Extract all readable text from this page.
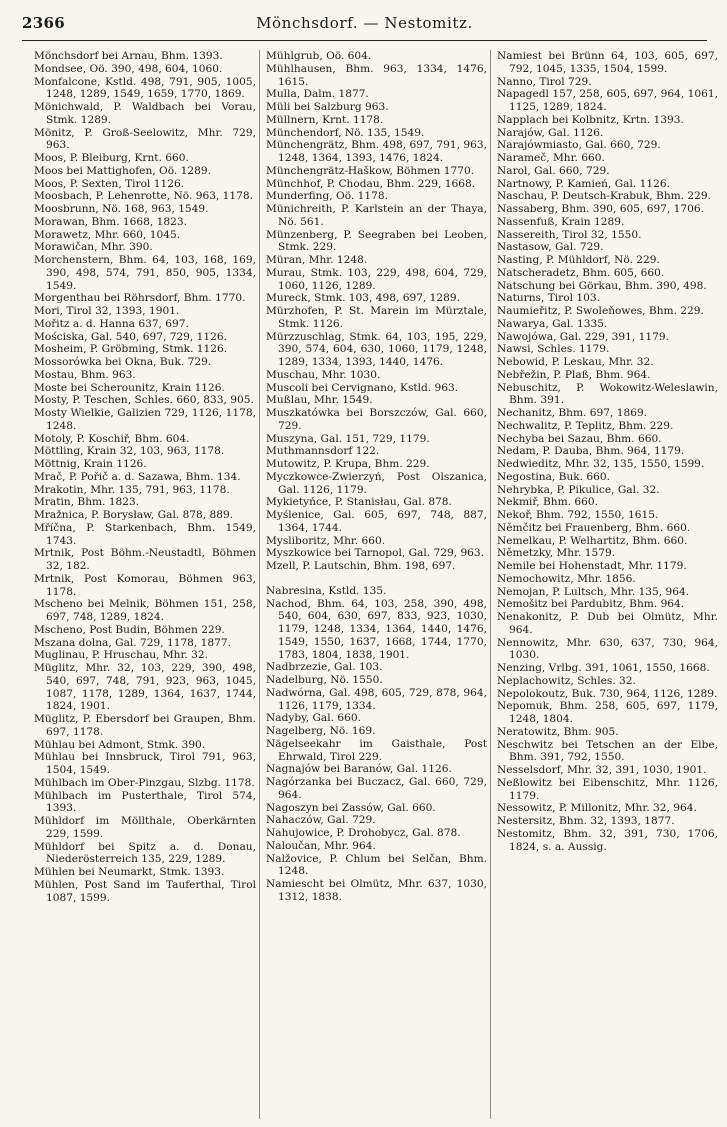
2366	Mönchsdorf. — Nestomitz.
Mönchsdorf bei Arnau, Bhm. 1393.
Mondsee, Oö. 390, 498, 604, 1060.
Monfalcone, Kstld. 498, 791, 905, 1005, 1248, 1289, 1549, 1659, 1770, 1869.
Mönichwald, P. Waldbach bei Vorau, Stmk. 1289.
Mönitz, P. Groß-Seelowitz, Mhr. 729, 963.
Moos, P. Bleiburg, Krnt. 660.
Moos bei Mattighofen, Oö. 1289.
Moos, P. Sexten, Tirol 1126.
Moosbach, P. Lehenrotte, Nö. 963, 1178.
Moosbrunn, Nö. 168, 963, 1549.
Morawan, Bhm. 1668, 1823.
Morawetz, Mhr. 660, 1045.
Morawičan, Mhr. 390.
Morchenstern, Bhm. 64, 103, 168, 169, 390, 498, 574, 791, 850, 905, 1334, 1549.
Morgenthau bei Röhrsdorf, Bhm. 1770.
Mori, Tirol 32, 1393, 1901.
Mořitz a. d. Hanna 637, 697.
Mościska, Gal. 540, 697, 729, 1126.
Mosheim, P. Gröbming, Stmk. 1126.
Mossorówka bei Okna, Buk. 729.
Mostau, Bhm. 963.
Moste bei Scherounitz, Krain 1126.
Mosty, P. Teschen, Schles. 660, 833, 905.
Mosty Wielkie, Galizien 729, 1126, 1178, 1248.
Motoly, P. Koschiř, Bhm. 604.
Möttling, Krain 32, 103, 963, 1178.
Möttnig, Krain 1126.
Mrač, P. Pořič a. d. Sazawa, Bhm. 134.
Mrakotin, Mhr. 135, 791, 963, 1178.
Mratin, Bhm. 1823.
Mražnica, P. Borysław, Gal. 878, 889.
Mříčna, P. Starkenbach, Bhm. 1549, 1743.
Mrtnik, Post Böhm.-Neustadtl, Böhmen 32, 182.
Mrtnik, Post Komorau, Böhmen 963, 1178.
Mscheno bei Melnik, Böhmen 151, 258, 697, 748, 1289, 1824.
Mscheno, Post Budin, Böhmen 229.
Mszana dolna, Gal. 729, 1178, 1877.
Muglinau, P. Hruschau, Mhr. 32.
Müglitz, Mhr. 32, 103, 229, 390, 498, 540, 697, 748, 791, 923, 963, 1045, 1087, 1178, 1289, 1364, 1637, 1744, 1824, 1901.
Müglitz, P. Ebersdorf bei Graupen, Bhm. 697, 1178.
Mühlau bei Admont, Stmk. 390.
Mühlau bei Innsbruck, Tirol 791, 963, 1504, 1549.
Mühlbach im Ober-Pinzgau, Slzbg. 1178.
Mühlbach im Pusterthale, Tirol 574, 1393.
Mühldorf im Möllthale, Oberkärnten 229, 1599.
Mühldorf bei Spitz a. d. Donau, Niederösterreich 135, 229, 1289.
Mühlen bei Neumarkt, Stmk. 1393.
Mühlen, Post Sand im Tauferthal, Tirol 1087, 1599.
Mühlgrub, Oö. 604.
Mühlhausen, Bhm. 963, 1334, 1476, 1615.
Mulla, Dalm. 1877.
Müli bei Salzburg 963.
Müllnern, Krnt. 1178.
Münchendorf, Nö. 135, 1549.
Münchengrätz, Bhm. 498, 697, 791, 963, 1248, 1364, 1393, 1476, 1824.
Münchengrätz-Haškow, Böhmen 1770.
Münchhof, P. Chodau, Bhm. 229, 1668.
Munderfing, Oö. 1178.
Münichreith, P. Karlstein an der Thaya, Nö. 561.
Münzenberg, P. Seegraben bei Leoben, Stmk. 229.
Müran, Mhr. 1248.
Murau, Stmk. 103, 229, 498, 604, 729, 1060, 1126, 1289.
Mureck, Stmk. 103, 498, 697, 1289.
Mürzhofen, P. St. Marein im Mürztale, Stmk. 1126.
Mürzzuschlag, Stmk. 64, 103, 195, 229, 390, 574, 604, 630, 1060, 1179, 1248, 1289, 1334, 1393, 1440, 1476.
Muschau, Mhr. 1030.
Muscoli bei Cervignano, Kstld. 963.
Mußlau, Mhr. 1549.
Muszkatówka bei Borszczów, Gal. 660, 729.
Muszyna, Gal. 151, 729, 1179.
Muthmannsdorf 122.
Mutowitz, P. Krupa, Bhm. 229.
Myczkowce-Zwierzyń, Post Olszanica, Gal. 1126, 1179.
Mykietyńce, P. Stanisłau, Gal. 878.
Myślenice, Gal. 605, 697, 748, 887, 1364, 1744.
Mysliboritz, Mhr. 660.
Myszkowice bei Tarnopol, Gal. 729, 963.
Mzell, P. Lautschin, Bhm. 198, 697.
Nabresina, Kstld. 135.
Nachod, Bhm. 64, 103, 258, 390, 498, 540, 604, 630, 697, 833, 923, 1030, 1179, 1248, 1334, 1364, 1440, 1476, 1549, 1550, 1637, 1668, 1744, 1770, 1783, 1804, 1838, 1901.
Nadbrzezie, Gal. 103.
Nadelburg, Nö. 1550.
Nadwórna, Gal. 498, 605, 729, 878, 964, 1126, 1179, 1334.
Nadyby, Gal. 660.
Nagelberg, Nö. 169.
Nägelseekahr im Gaisthale, Post Ehrwald, Tirol 229.
Nagnajów bei Baranów, Gal. 1126.
Nagórzanka bei Buczacz, Gal. 660, 729, 964.
Nagoszyn bei Zassów, Gal. 660.
Nahaczów, Gal. 729.
Nahujowice, P. Drohobycz, Gal. 878.
Naloučan, Mhr. 964.
Nalžovice, P. Chlum bei Selčan, Bhm. 1248.
Namiescht bei Olmütz, Mhr. 637, 1030, 1312, 1838.
Namiest bei Brünn 64, 103, 605, 697, 792, 1045, 1335, 1504, 1599.
Nanno, Tirol 729.
Napagedl 157, 258, 605, 697, 964, 1061, 1125, 1289, 1824.
Napplach bei Kolbnitz, Krtn. 1393.
Narajów, Gal. 1126.
Narajówmiasto, Gal. 660, 729.
Narameč, Mhr. 660.
Narol, Gal. 660, 729.
Nartnowy, P. Kamień, Gal. 1126.
Naschau, P. Deutsch-Krabuk, Bhm. 229.
Nassaberg, Bhm. 390, 605, 697, 1706.
Nassenfuß, Krain 1289.
Nassereith, Tirol 32, 1550.
Nastasow, Gal. 729.
Nasting, P. Mühldorf, Nö. 229.
Natscheradetz, Bhm. 605, 660.
Natschung bei Görkau, Bhm. 390, 498.
Naturns, Tirol 103.
Naumieřitz, P. Swoleňowes, Bhm. 229.
Nawarya, Gal. 1335.
Nawojówa, Gal. 229, 391, 1179.
Nawsi, Schles. 1179.
Nebowid, P. Leskau, Mhr. 32.
Nebřežin, P. Plaß, Bhm. 964.
Nebuschitz, P. Wokowitz-Weleslawin, Bhm. 391.
Nechanitz, Bhm. 697, 1869.
Nechwalitz, P. Teplitz, Bhm. 229.
Nechyba bei Sazau, Bhm. 660.
Nedam, P. Dauba, Bhm. 964, 1179.
Nedwieditz, Mhr. 32, 135, 1550, 1599.
Negostina, Buk. 660.
Nehrybka, P. Pikulice, Gal. 32.
Nekmiř, Bhm. 660.
Nekoř, Bhm. 792, 1550, 1615.
Němčitz bei Frauenberg, Bhm. 660.
Nemelkau, P. Welhartitz, Bhm. 660.
Němetzky, Mhr. 1579.
Nemile bei Hohenstadt, Mhr. 1179.
Nemochowitz, Mhr. 1856.
Nemojan, P. Lultsch, Mhr. 135, 964.
Nemošitz bei Pardubitz, Bhm. 964.
Nenakonitz, P. Dub bei Olmütz, Mhr. 964.
Nennowitz, Mhr. 630, 637, 730, 964, 1030.
Nenzing, Vrlbg. 391, 1061, 1550, 1668.
Neplachowitz, Schles. 32.
Nepolokoutz, Buk. 730, 964, 1126, 1289.
Nepomuk, Bhm. 258, 605, 697, 1179, 1248, 1804.
Neratowitz, Bhm. 905.
Neschwitz bei Tetschen an der Elbe, Bhm. 391, 792, 1550.
Nesselsdorf, Mhr. 32, 391, 1030, 1901.
Neßlowitz bei Eibenschitz, Mhr. 1126, 1179.
Nessowitz, P. Millonitz, Mhr. 32, 964.
Nestersitz, Bhm. 32, 1393, 1877.
Nestomitz, Bhm. 32, 391, 730, 1706, 1824, s. a. Aussig.
